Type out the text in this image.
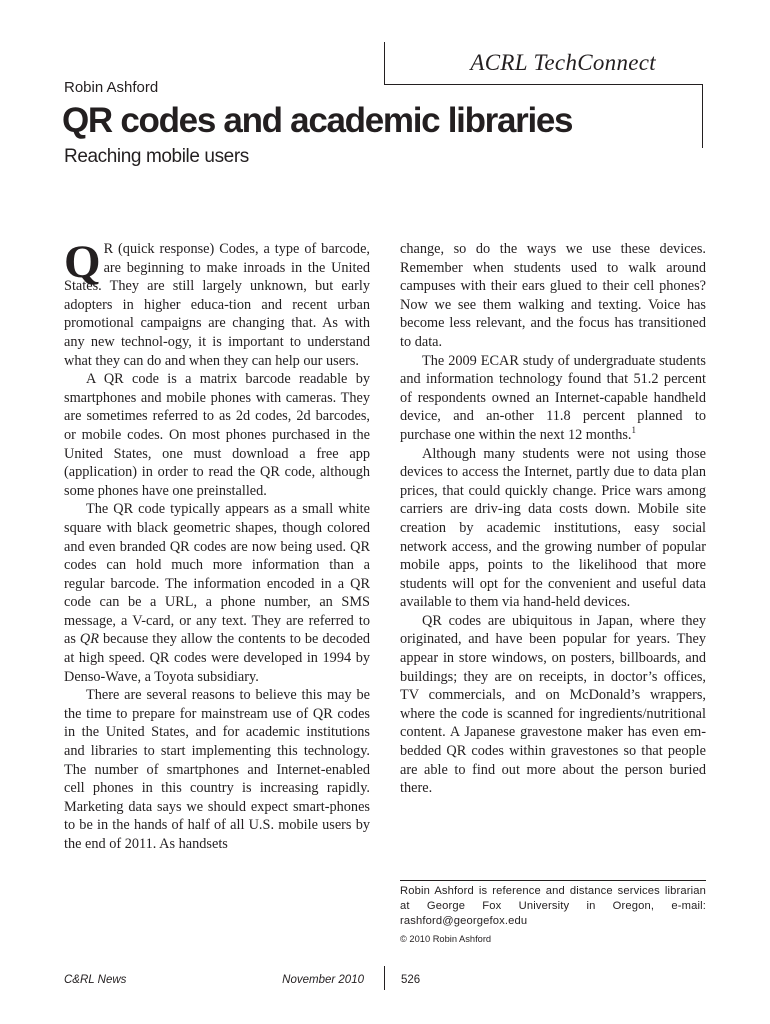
ACRL TechConnect
Robin Ashford
QR codes and academic libraries
Reaching mobile users

Q R (quick response) Codes, a type of barcode, are beginning to make inroads in the United States. They are still largely unknown, but early adopters in higher educa-tion and recent urban promotional campaigns are changing that. As with any new technol-ogy, it is important to understand what they can do and when they can help our users.

A QR code is a matrix barcode readable by smartphones and mobile phones with cameras. They are sometimes referred to as 2d codes, 2d barcodes, or mobile codes. On most phones purchased in the United States, one must download a free app (application) in order to read the QR code, although some phones have one preinstalled.

The QR code typically appears as a small white square with black geometric shapes, though colored and even branded QR codes are now being used. QR codes can hold much more information than a regular barcode. The information encoded in a QR code can be a URL, a phone number, an SMS message, a V-card, or any text. They are referred to as QR because they allow the contents to be decoded at high speed. QR codes were developed in 1994 by Denso-Wave, a Toyota subsidiary.

There are several reasons to believe this may be the time to prepare for mainstream use of QR codes in the United States, and for academic institutions and libraries to start implementing this technology. The number of smartphones and Internet-enabled cell phones in this country is increasing rapidly. Marketing data says we should expect smart-phones to be in the hands of half of all U.S. mobile users by the end of 2011. As handsets

change, so do the ways we use these devices. Remember when students used to walk around campuses with their ears glued to their cell phones? Now we see them walking and texting. Voice has become less relevant, and the focus has transitioned to data.

The 2009 ECAR study of undergraduate students and information technology found that 51.2 percent of respondents owned an Internet-capable handheld device, and an-other 11.8 percent planned to purchase one within the next 12 months.$^1$

Although many students were not using those devices to access the Internet, partly due to data plan prices, that could quickly change. Price wars among carriers are driv-ing data costs down. Mobile site creation by academic institutions, easy social network access, and the growing number of popular mobile apps, points to the likelihood that more students will opt for the convenient and useful data available to them via hand-held devices.

QR codes are ubiquitous in Japan, where they originated, and have been popular for years. They appear in store windows, on posters, billboards, and buildings; they are on receipts, in doctor’s offices, TV commercials, and on McDonald’s wrappers, where the code is scanned for ingredients/nutritional content. A Japanese gravestone maker has even em-bedded QR codes within gravestones so that people are able to find out more about the person buried there.

Robin Ashford is reference and distance services librarian at George Fox University in Oregon, e-mail: rashford@georgefox.edu
© 2010 Robin Ashford
C&RL News	November 2010	526
